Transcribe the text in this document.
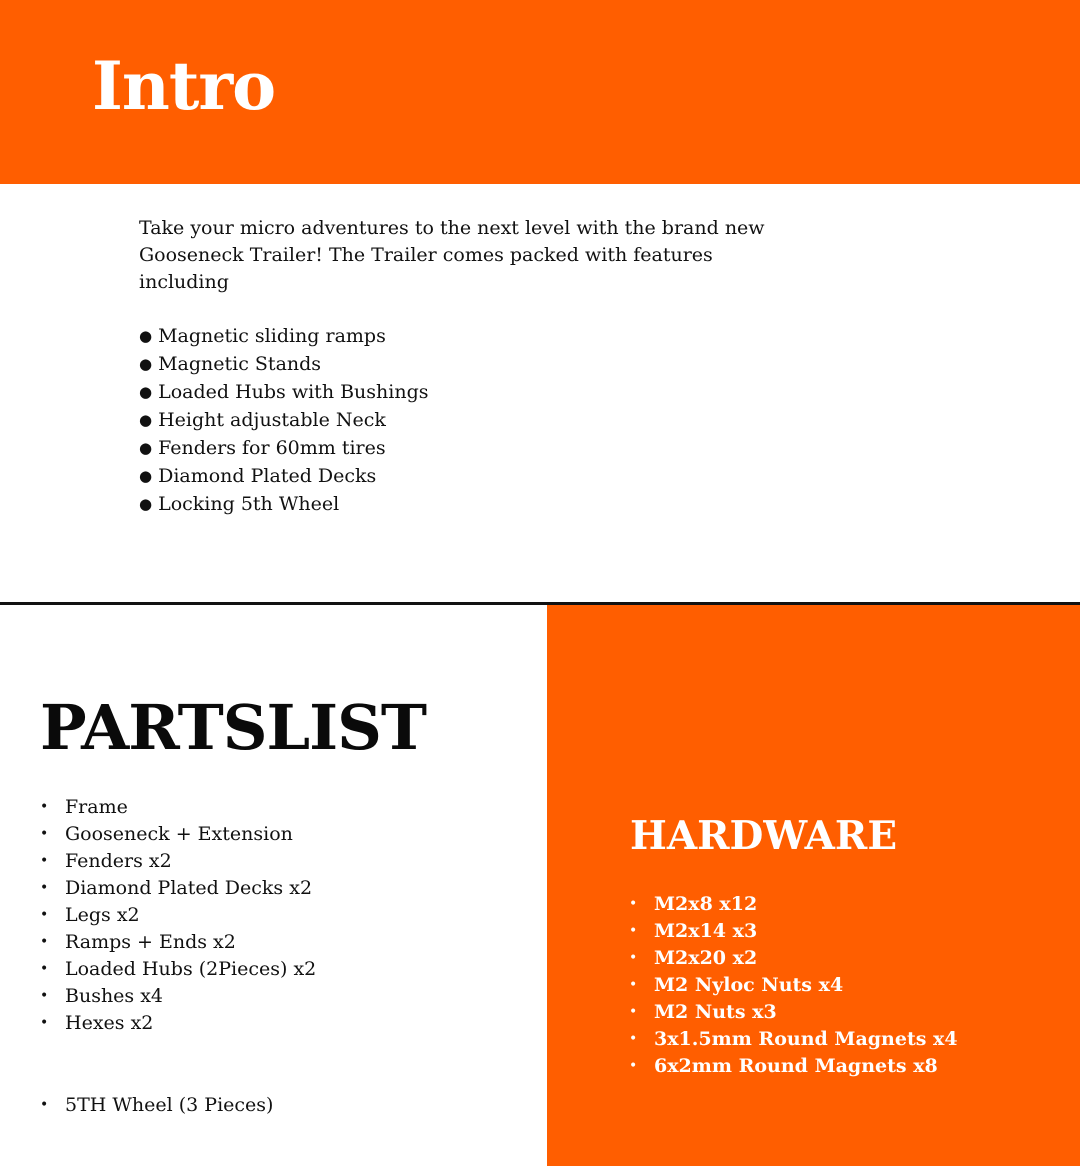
Intro

Take your micro adventures to the next level with the brand new Gooseneck Trailer! The Trailer comes packed with features including

● Magnetic sliding ramps
● Magnetic Stands
● Loaded Hubs with Bushings
● Height adjustable Neck
● Fenders for 60mm tires
● Diamond Plated Decks
● Locking 5th Wheel
PARTSLIST
• Frame
• Gooseneck + Extension
• Fenders x2
• Diamond Plated Decks x2
• Legs x2
• Ramps + Ends x2
• Loaded Hubs (2Pieces) x2
• Bushes x4
• Hexes x2
• 5TH Wheel (3 Pieces)
HARDWARE
• M2x8 x12
• M2x14 x3
• M2x20 x2
• M2 Nyloc Nuts x4
• M2 Nuts x3
• 3x1.5mm Round Magnets x4
• 6x2mm Round Magnets x8
